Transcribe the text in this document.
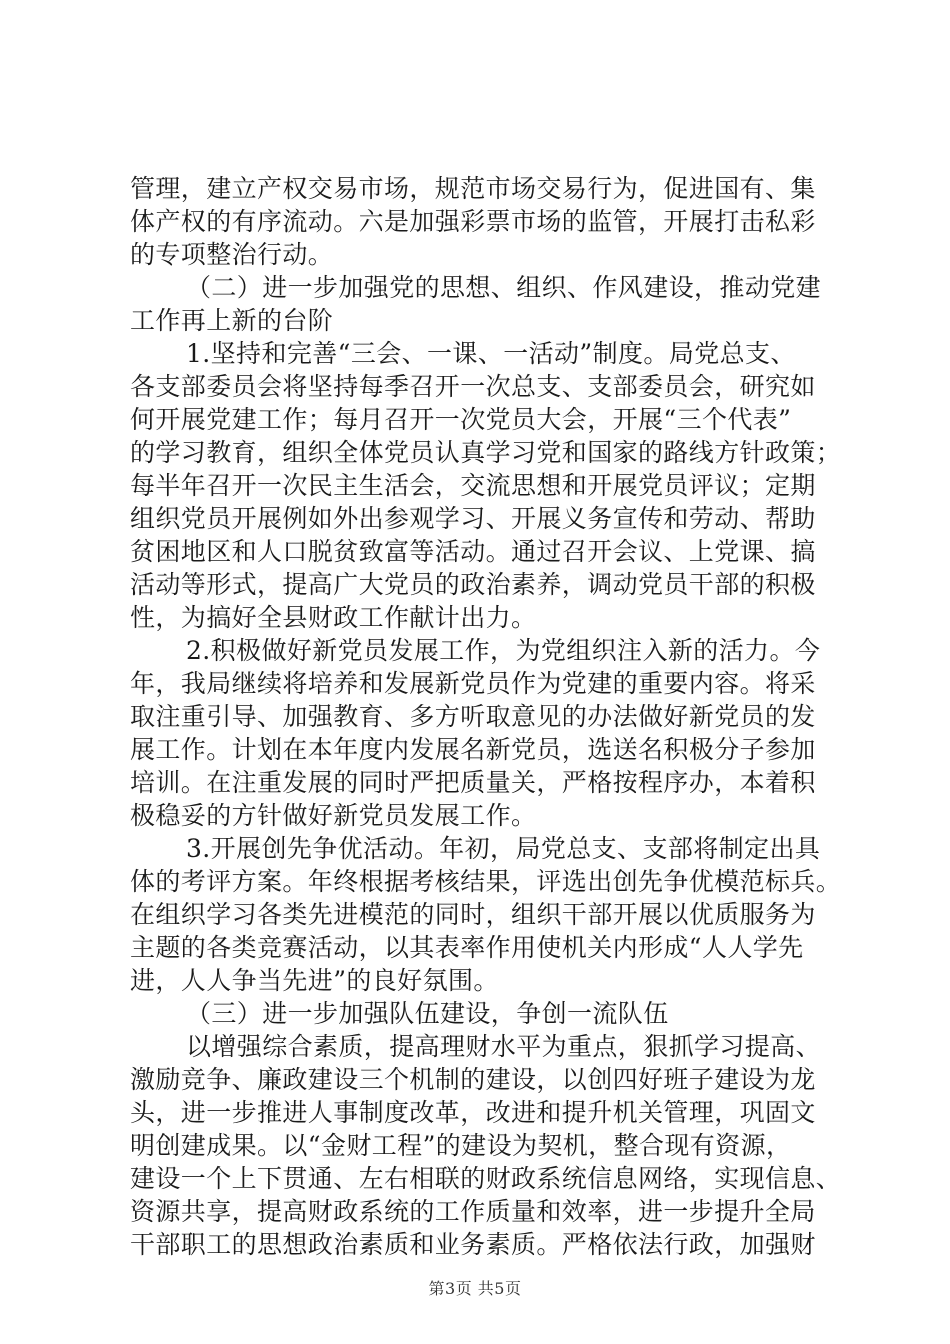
管理，建立产权交易市场，规范市场交易行为，促进国有、集
体产权的有序流动。六是加强彩票市场的监管，开展打击私彩
的专项整治行动。
（二）进一步加强党的思想、组织、作风建设，推动党建
工作再上新的台阶
1.坚持和完善“三会、一课、一活动”制度。局党总支、
各支部委员会将坚持每季召开一次总支、支部委员会，研究如
何开展党建工作；每月召开一次党员大会，开展“三个代表”
的学习教育，组织全体党员认真学习党和国家的路线方针政策；
每半年召开一次民主生活会，交流思想和开展党员评议；定期
组织党员开展例如外出参观学习、开展义务宣传和劳动、帮助
贫困地区和人口脱贫致富等活动。通过召开会议、上党课、搞
活动等形式，提高广大党员的政治素养，调动党员干部的积极
性，为搞好全县财政工作献计出力。
2.积极做好新党员发展工作，为党组织注入新的活力。今
年，我局继续将培养和发展新党员作为党建的重要内容。将采
取注重引导、加强教育、多方听取意见的办法做好新党员的发
展工作。计划在本年度内发展名新党员，选送名积极分子参加
培训。在注重发展的同时严把质量关，严格按程序办，本着积
极稳妥的方针做好新党员发展工作。
3.开展创先争优活动。年初，局党总支、支部将制定出具
体的考评方案。年终根据考核结果，评选出创先争优模范标兵。
在组织学习各类先进模范的同时，组织干部开展以优质服务为
主题的各类竞赛活动，以其表率作用使机关内形成“人人学先
进，人人争当先进”的良好氛围。
（三）进一步加强队伍建设，争创一流队伍
以增强综合素质，提高理财水平为重点，狠抓学习提高、
激励竞争、廉政建设三个机制的建设，以创四好班子建设为龙
头，进一步推进人事制度改革，改进和提升机关管理，巩固文
明创建成果。以“金财工程”的建设为契机，整合现有资源，
建设一个上下贯通、左右相联的财政系统信息网络，实现信息、
资源共享，提高财政系统的工作质量和效率，进一步提升全局
干部职工的思想政治素质和业务素质。严格依法行政，加强财
第3页 共5页
